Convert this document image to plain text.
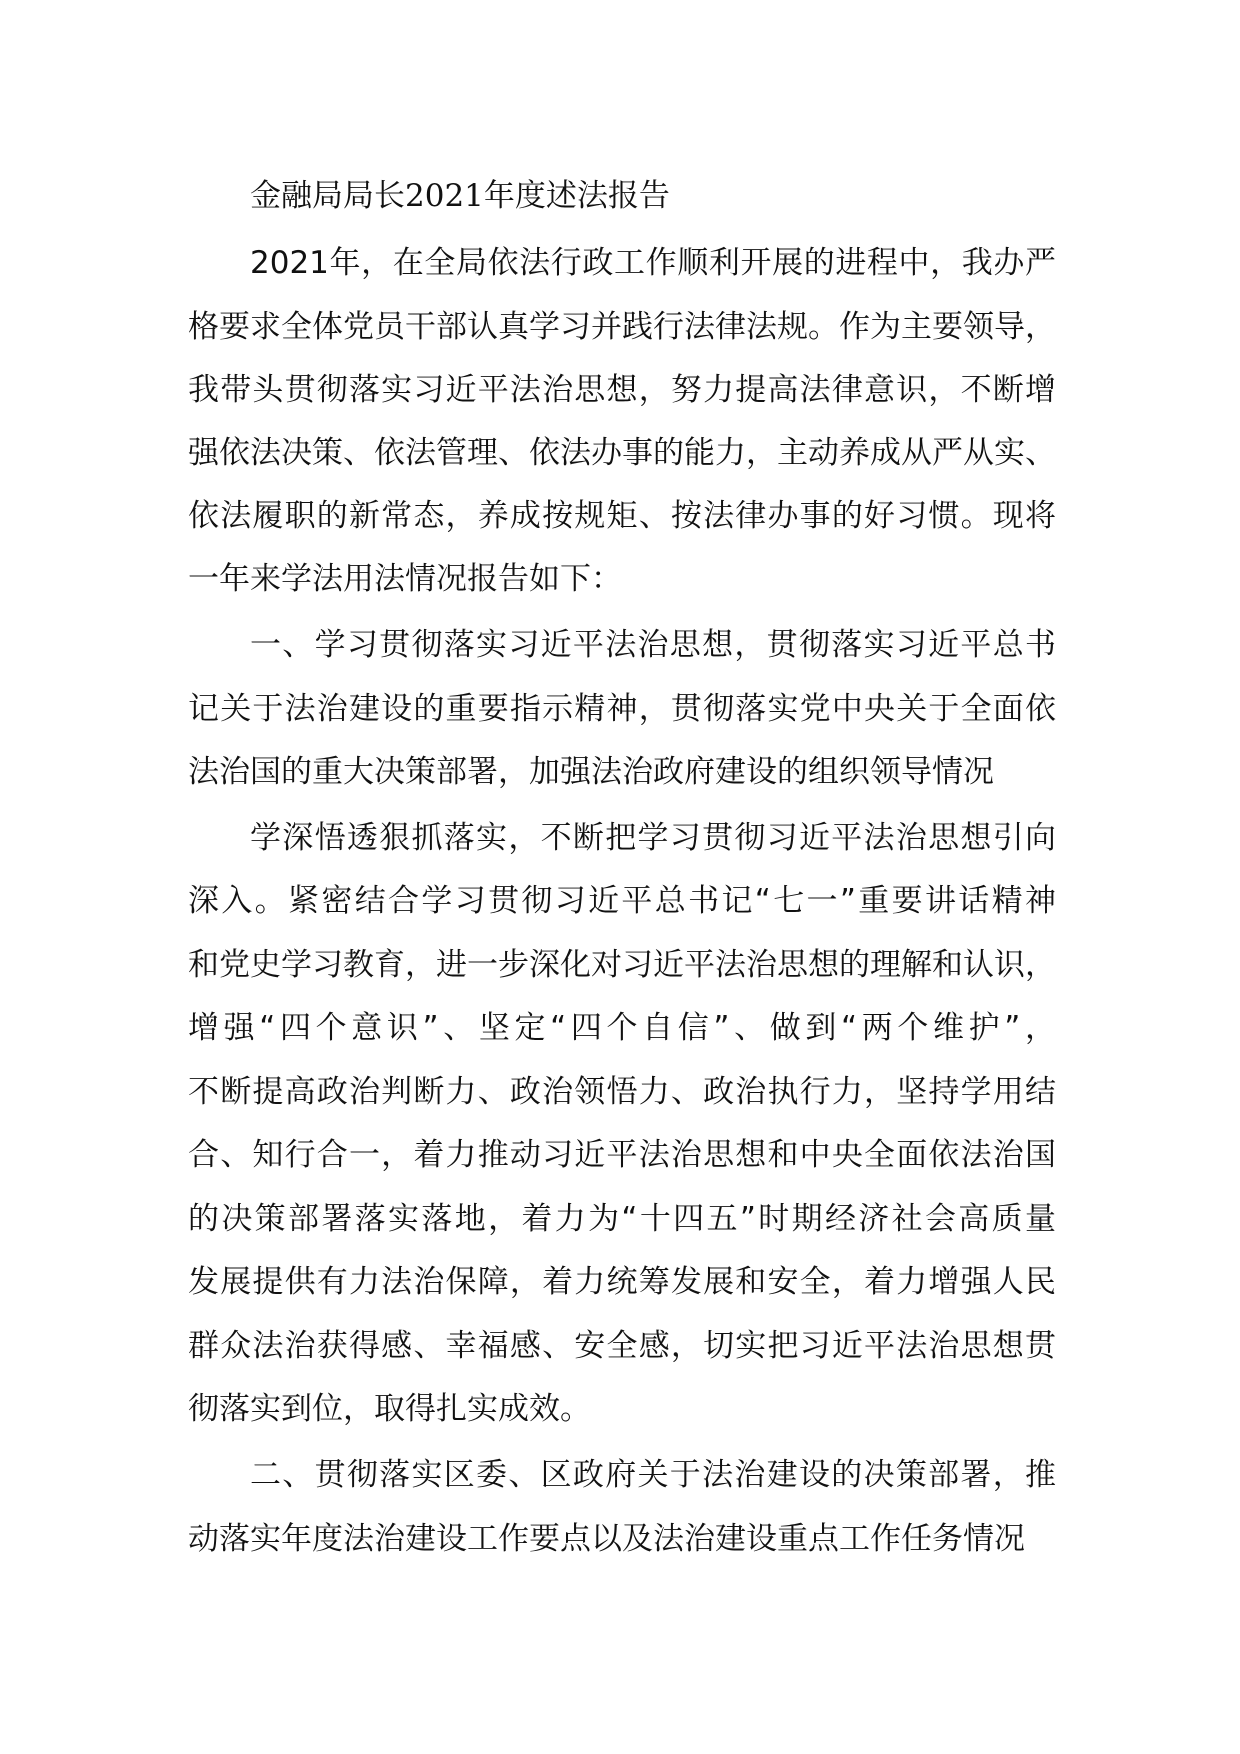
金融局局长2021年度述法报告
2021年，在全局依法行政工作顺利开展的进程中，我办严
格要求全体党员干部认真学习并践行法律法规。作为主要领导，
我带头贯彻落实习近平法治思想，努力提高法律意识，不断增
强依法决策、依法管理、依法办事的能力，主动养成从严从实、
依法履职的新常态，养成按规矩、按法律办事的好习惯。现将
一年来学法用法情况报告如下：
一、学习贯彻落实习近平法治思想，贯彻落实习近平总书
记关于法治建设的重要指示精神，贯彻落实党中央关于全面依
法治国的重大决策部署，加强法治政府建设的组织领导情况
学深悟透狠抓落实，不断把学习贯彻习近平法治思想引向
深入。紧密结合学习贯彻习近平总书记“七一”重要讲话精神
和党史学习教育，进一步深化对习近平法治思想的理解和认识，
增强“四个意识”、坚定“四个自信”、做到“两个维护”，
不断提高政治判断力、政治领悟力、政治执行力，坚持学用结
合、知行合一，着力推动习近平法治思想和中央全面依法治国
的决策部署落实落地，着力为“十四五”时期经济社会高质量
发展提供有力法治保障，着力统筹发展和安全，着力增强人民
群众法治获得感、幸福感、安全感，切实把习近平法治思想贯
彻落实到位，取得扎实成效。
二、贯彻落实区委、区政府关于法治建设的决策部署，推
动落实年度法治建设工作要点以及法治建设重点工作任务情况
